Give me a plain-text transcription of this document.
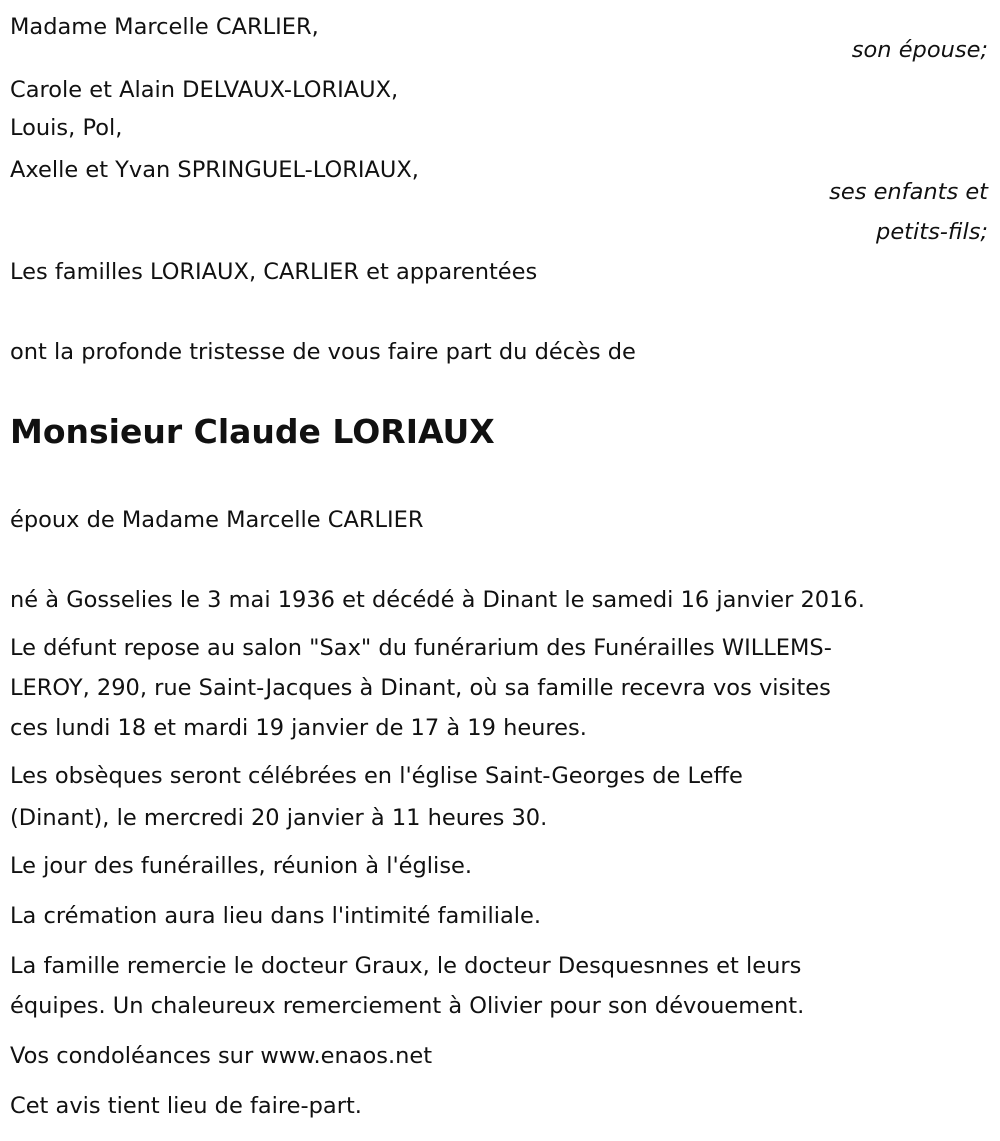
Madame Marcelle CARLIER,
son épouse;
Carole et Alain DELVAUX-LORIAUX,
Louis, Pol,
Axelle et Yvan SPRINGUEL-LORIAUX,
ses enfants et
petits-fils;
Les familles LORIAUX, CARLIER et apparentées
ont la profonde tristesse de vous faire part du décès de
Monsieur Claude LORIAUX
époux de Madame Marcelle CARLIER
né à Gosselies le 3 mai 1936 et décédé à Dinant le samedi 16 janvier 2016.
Le défunt repose au salon "Sax" du funérarium des Funérailles WILLEMS-
LEROY, 290, rue Saint-Jacques à Dinant, où sa famille recevra vos visites
ces lundi 18 et mardi 19 janvier de 17 à 19 heures.
Les obsèques seront célébrées en l'église Saint-Georges de Leffe
(Dinant), le mercredi 20 janvier à 11 heures 30.
Le jour des funérailles, réunion à l'église.
La crémation aura lieu dans l'intimité familiale.
La famille remercie le docteur Graux, le docteur Desquesnnes et leurs
équipes. Un chaleureux remerciement à Olivier pour son dévouement.
Vos condoléances sur www.enaos.net
Cet avis tient lieu de faire-part.
